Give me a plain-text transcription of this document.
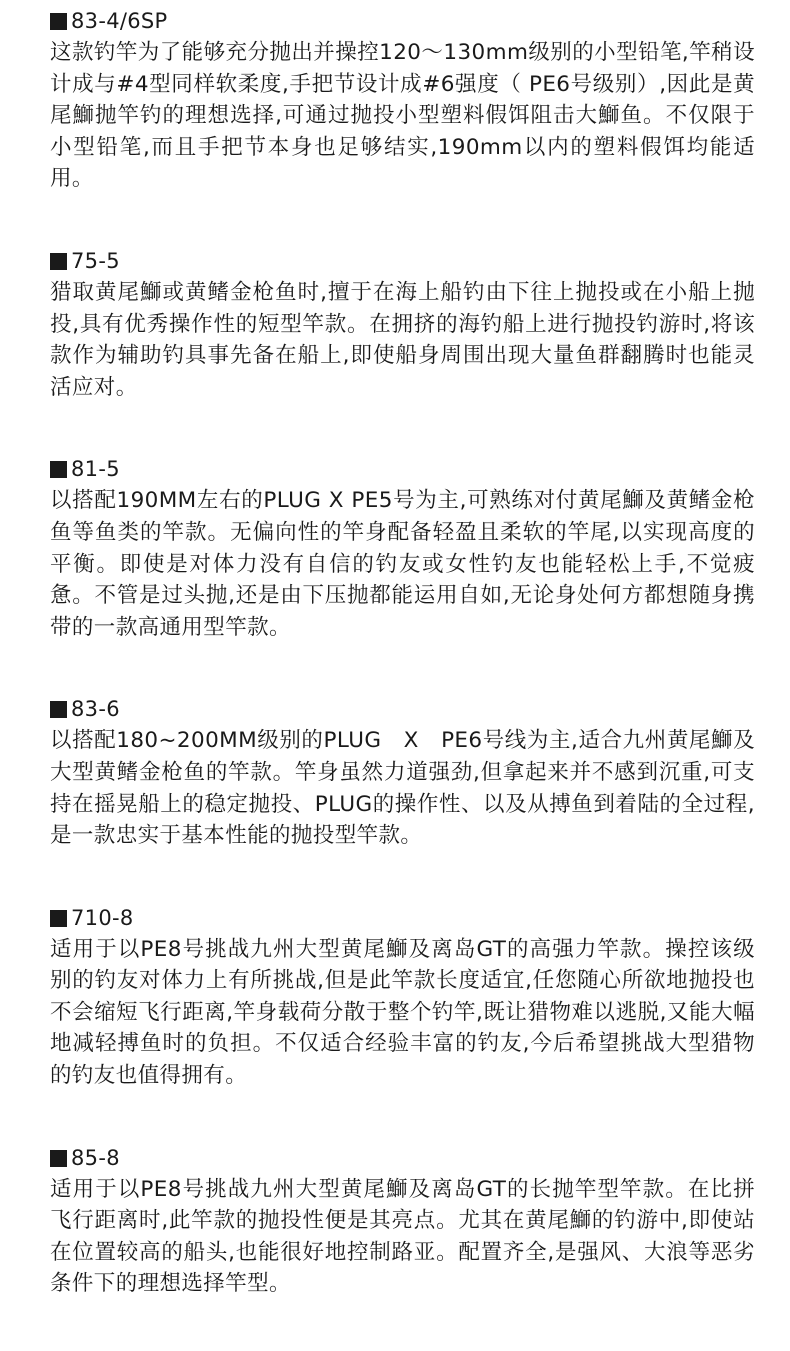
83-4/6SP

这款钓竿为了能够充分抛出并操控120～130mm级别的小型铅笔,竿稍设计成与#4型同样软柔度,手把节设计成#6强度（ PE6号级别）,因此是黄尾鰤抛竿钓的理想选择,可通过抛投小型塑料假饵阻击大鰤鱼。不仅限于小型铅笔,而且手把节本身也足够结实,190mm以内的塑料假饵均能适用。

75-5

猎取黄尾鰤或黄鳍金枪鱼时,擅于在海上船钓由下往上抛投或在小船上抛投,具有优秀操作性的短型竿款。在拥挤的海钓船上进行抛投钓游时,将该款作为辅助钓具事先备在船上,即使船身周围出现大量鱼群翻腾时也能灵活应对。

81-5

以搭配190MM左右的PLUG X PE5号为主,可熟练对付黄尾鰤及黄鳍金枪鱼等鱼类的竿款。无偏向性的竿身配备轻盈且柔软的竿尾,以实现高度的平衡。即使是对体力没有自信的钓友或女性钓友也能轻松上手,不觉疲惫。不管是过头抛,还是由下压抛都能运用自如,无论身处何方都想随身携带的一款高通用型竿款。

83-6

以搭配180~200MM级别的PLUG　X　PE6号线为主,适合九州黄尾鰤及大型黄鳍金枪鱼的竿款。竿身虽然力道强劲,但拿起来并不感到沉重,可支持在摇晃船上的稳定抛投、PLUG的操作性、以及从搏鱼到着陆的全过程,是一款忠实于基本性能的抛投型竿款。

710-8

适用于以PE8号挑战九州大型黄尾鰤及离岛GT的高强力竿款。操控该级别的钓友对体力上有所挑战,但是此竿款长度适宜,任您随心所欲地抛投也不会缩短飞行距离,竿身载荷分散于整个钓竿,既让猎物难以逃脱,又能大幅地减轻搏鱼时的负担。不仅适合经验丰富的钓友,今后希望挑战大型猎物的钓友也值得拥有。

85-8

适用于以PE8号挑战九州大型黄尾鰤及离岛GT的长抛竿型竿款。在比拼飞行距离时,此竿款的抛投性便是其亮点。尤其在黄尾鰤的钓游中,即使站在位置较高的船头,也能很好地控制路亚。配置齐全,是强风、大浪等恶劣条件下的理想选择竿型。
